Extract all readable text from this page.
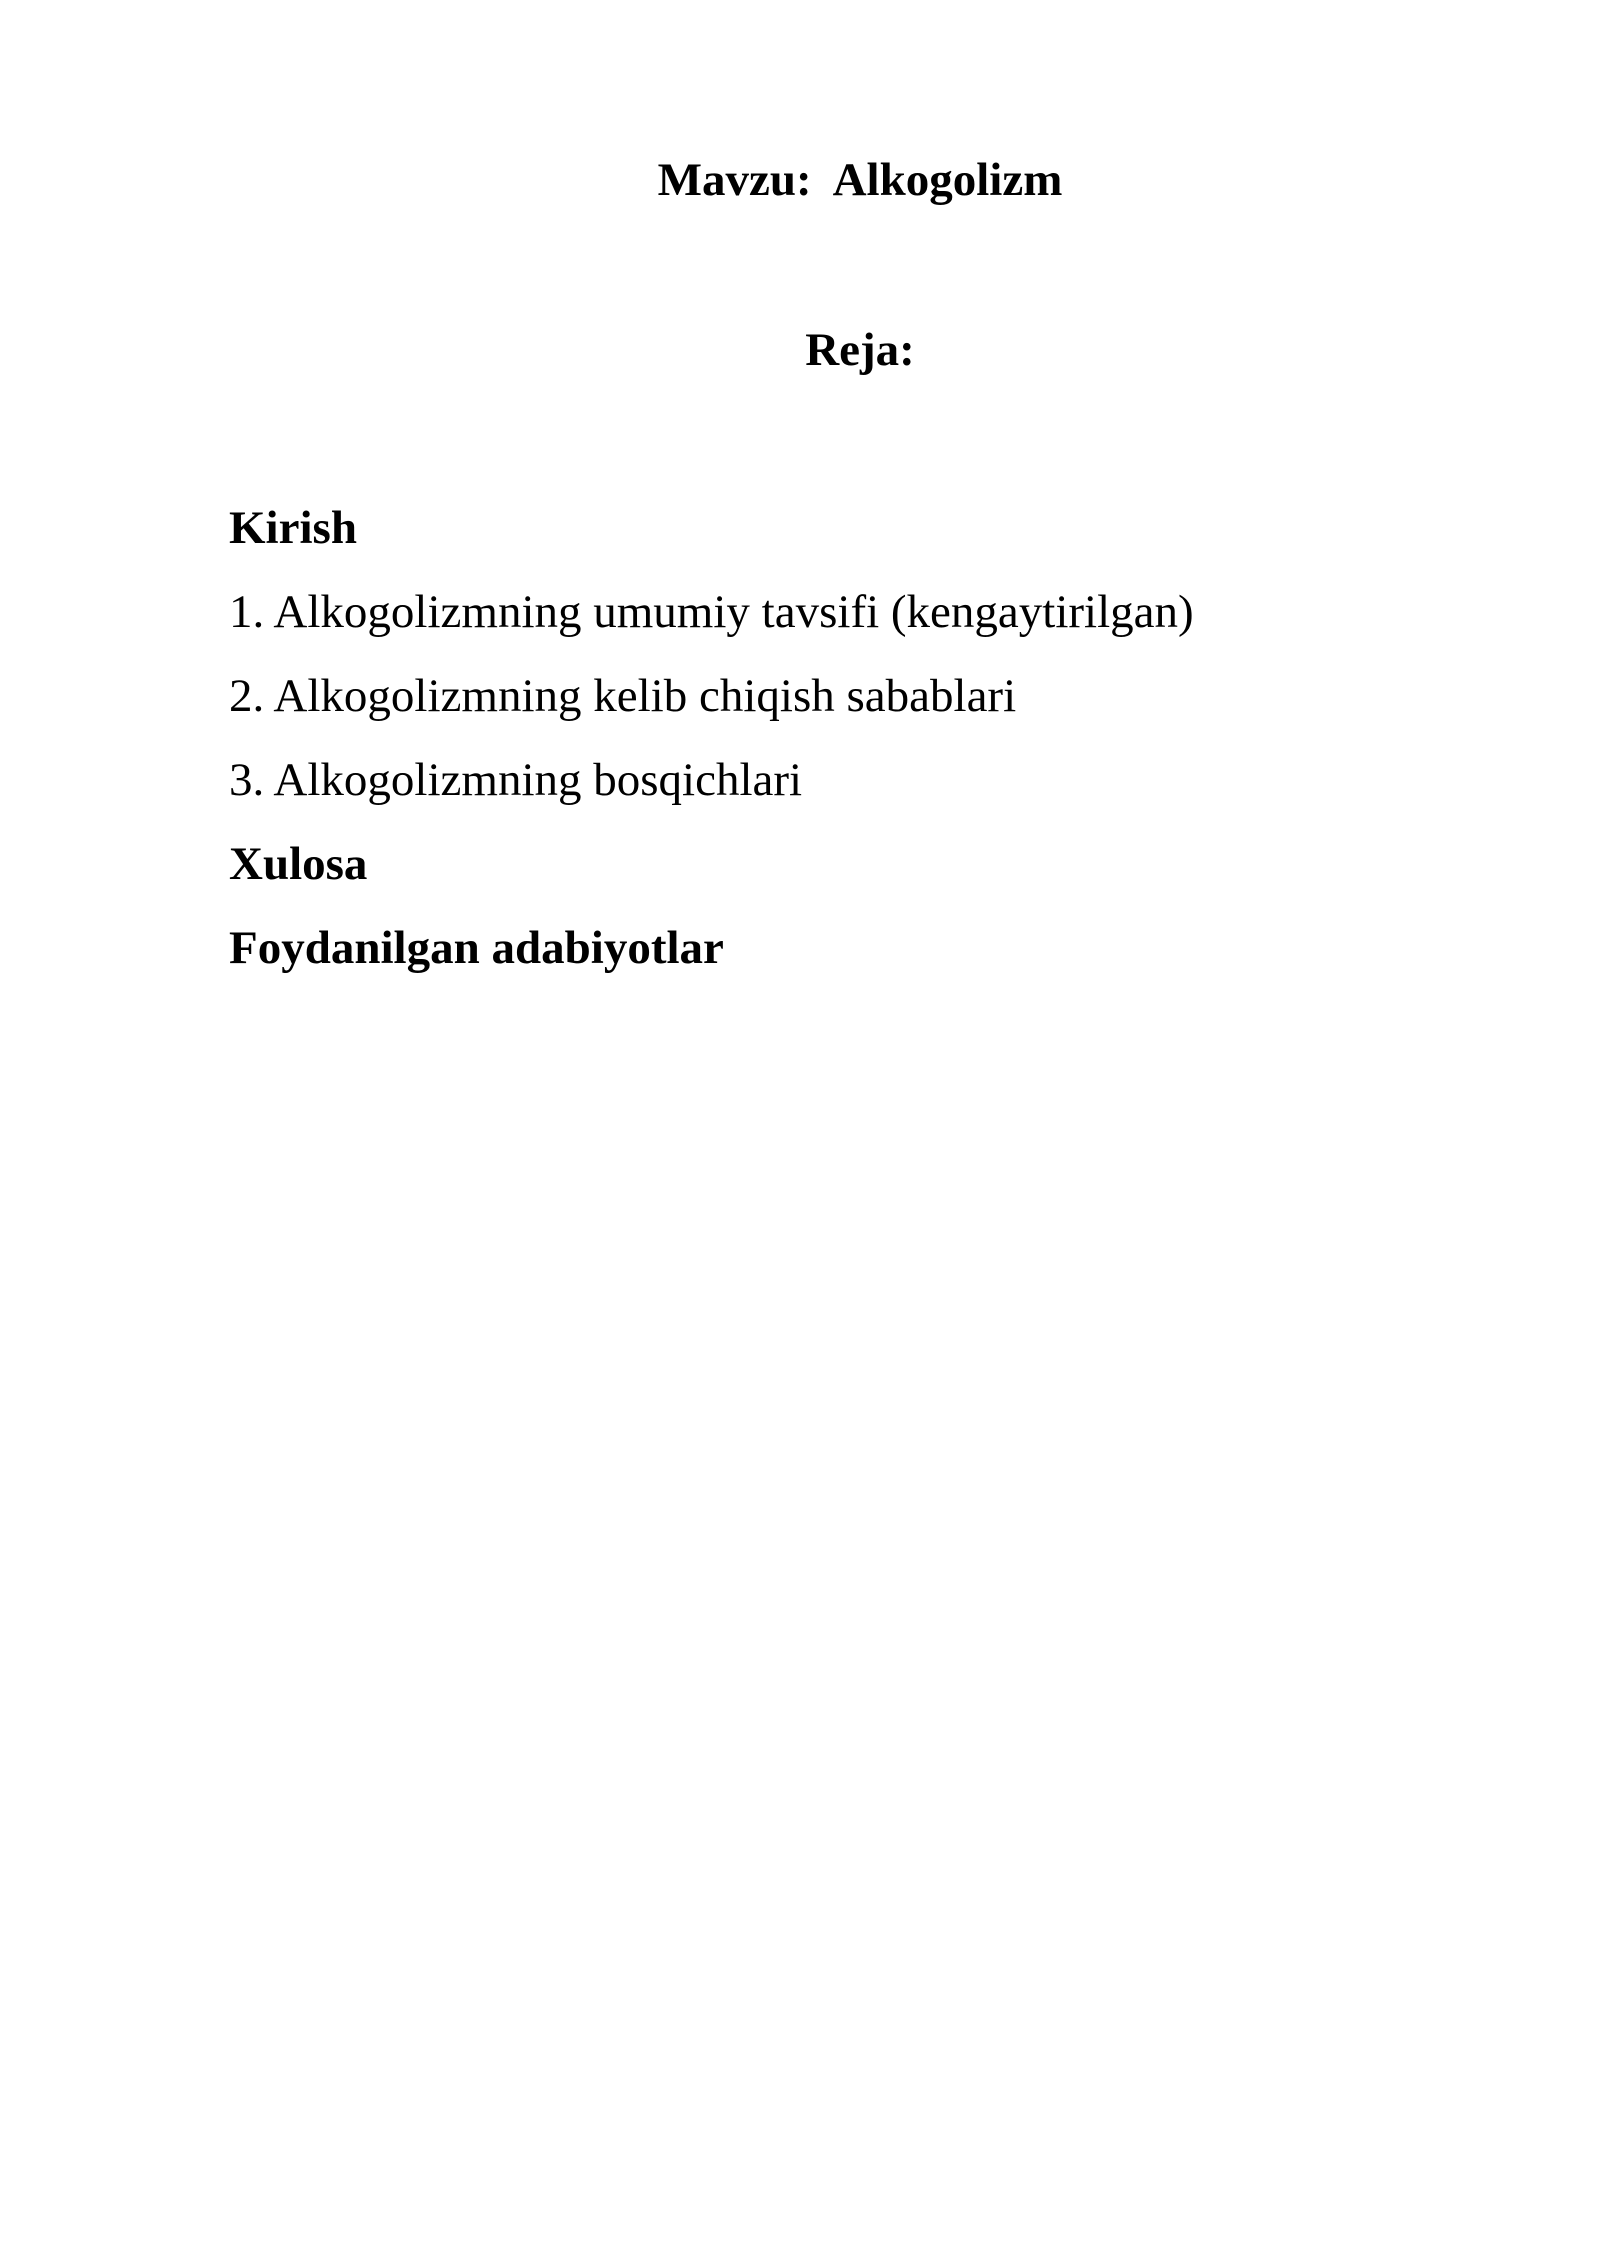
Mavzu:  Alkogolizm
Reja:
Kirish
1. Alkogolizmning umumiy tavsifi (kengaytirilgan)
2. Alkogolizmning kelib chiqish sabablari
3. Alkogolizmning bosqichlari
Xulosa
Foydanilgan adabiyotlar
